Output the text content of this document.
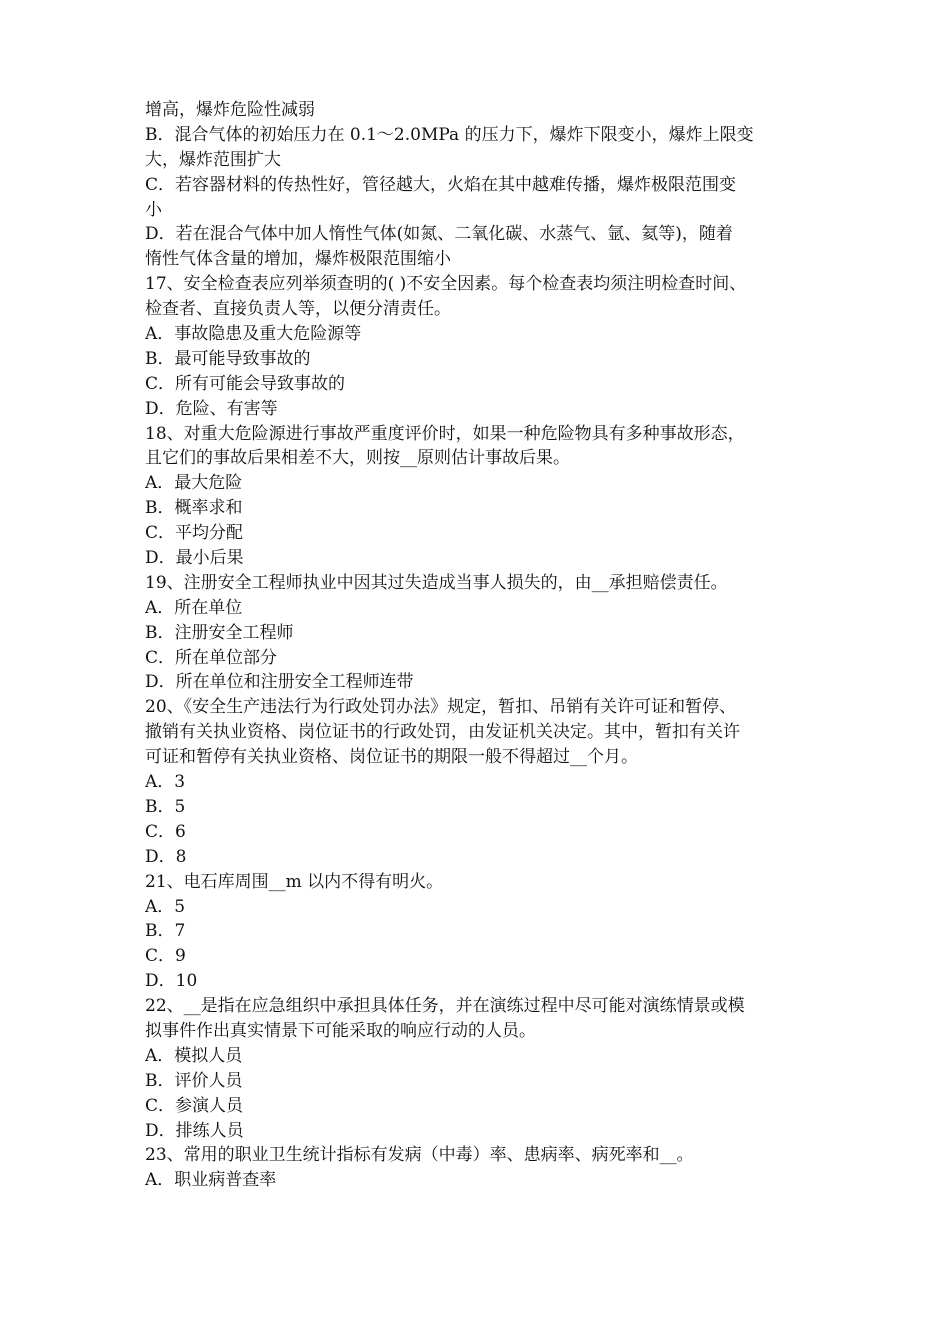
增高，爆炸危险性减弱
B．混合气体的初始压力在 0.1～2.0MPa 的压力下，爆炸下限变小，爆炸上限变
大，爆炸范围扩大
C．若容器材料的传热性好，管径越大，火焰在其中越难传播，爆炸极限范围变
小
D．若在混合气体中加人惰性气体(如氮、二氧化碳、水蒸气、氩、氦等)，随着
惰性气体含量的增加，爆炸极限范围缩小
17、安全检查表应列举须查明的( )不安全因素。每个检查表均须注明检查时间、
检查者、直接负责人等，以便分清责任。
A．事故隐患及重大危险源等
B．最可能导致事故的
C．所有可能会导致事故的
D．危险、有害等
18、对重大危险源进行事故严重度评价时，如果一种危险物具有多种事故形态，
且它们的事故后果相差不大，则按__原则估计事故后果。
A．最大危险
B．概率求和
C．平均分配
D．最小后果
19、注册安全工程师执业中因其过失造成当事人损失的，由__承担赔偿责任。
A．所在单位
B．注册安全工程师
C．所在单位部分
D．所在单位和注册安全工程师连带
20、《安全生产违法行为行政处罚办法》规定，暂扣、吊销有关许可证和暂停、
撤销有关执业资格、岗位证书的行政处罚，由发证机关决定。其中，暂扣有关许
可证和暂停有关执业资格、岗位证书的期限一般不得超过__个月。
A．3
B．5
C．6
D．8
21、电石库周围__m 以内不得有明火。
A．5
B．7
C．9
D．10
22、__是指在应急组织中承担具体任务，并在演练过程中尽可能对演练情景或模
拟事件作出真实情景下可能采取的响应行动的人员。
A．模拟人员
B．评价人员
C．参演人员
D．排练人员
23、常用的职业卫生统计指标有发病（中毒）率、患病率、病死率和__。
A．职业病普查率
